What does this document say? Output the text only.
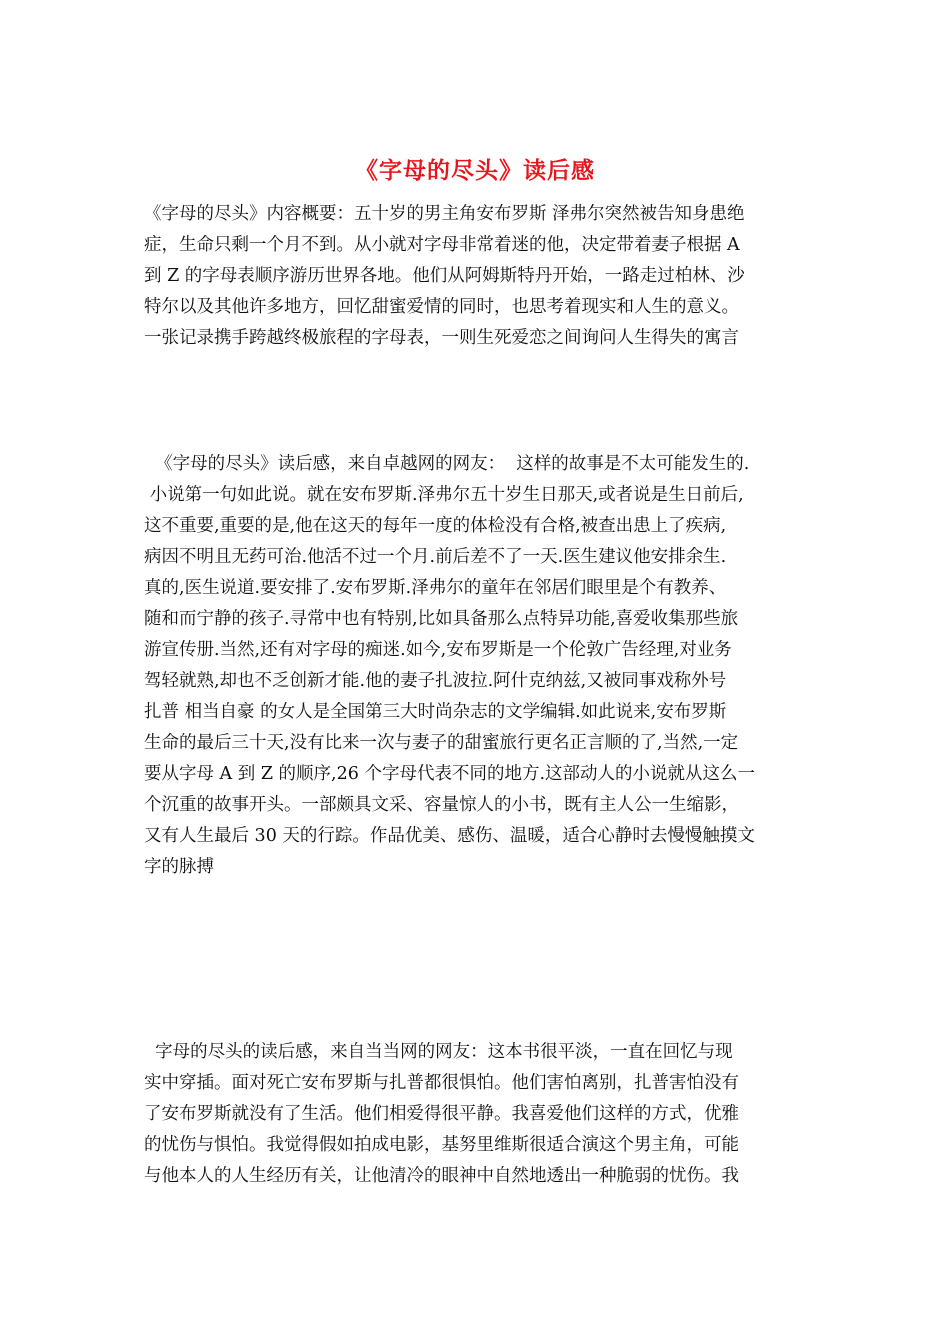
《字母的尽头》读后感
《字母的尽头》内容概要：五十岁的男主角安布罗斯 泽弗尔突然被告知身患绝
症，生命只剩一个月不到。从小就对字母非常着迷的他，决定带着妻子根据 A
到 Z 的字母表顺序游历世界各地。他们从阿姆斯特丹开始，一路走过柏林、沙
特尔以及其他许多地方，回忆甜蜜爱情的同时，也思考着现实和人生的意义。
一张记录携手跨越终极旅程的字母表，一则生死爱恋之间询问人生得失的寓言
《字母的尽头》读后感，来自卓越网的网友：  这样的故事是不太可能发生的.
小说第一句如此说。就在安布罗斯.泽弗尔五十岁生日那天,或者说是生日前后,
这不重要,重要的是,他在这天的每年一度的体检没有合格,被查出患上了疾病,
病因不明且无药可治.他活不过一个月.前后差不了一天.医生建议他安排余生.
真的,医生说道.要安排了.安布罗斯.泽弗尔的童年在邻居们眼里是个有教养、
随和而宁静的孩子.寻常中也有特别,比如具备那么点特异功能,喜爱收集那些旅
游宣传册.当然,还有对字母的痴迷.如今,安布罗斯是一个伦敦广告经理,对业务
驾轻就熟,却也不乏创新才能.他的妻子扎波拉.阿什克纳兹,又被同事戏称外号
扎普 相当自豪 的女人是全国第三大时尚杂志的文学编辑.如此说来,安布罗斯
生命的最后三十天,没有比来一次与妻子的甜蜜旅行更名正言顺的了,当然,一定
要从字母 A 到 Z 的顺序,26 个字母代表不同的地方.这部动人的小说就从这么一
个沉重的故事开头。一部颇具文采、容量惊人的小书，既有主人公一生缩影，
又有人生最后 30 天的行踪。作品优美、感伤、温暖，适合心静时去慢慢触摸文
字的脉搏
字母的尽头的读后感，来自当当网的网友：这本书很平淡，一直在回忆与现
实中穿插。面对死亡安布罗斯与扎普都很惧怕。他们害怕离别，扎普害怕没有
了安布罗斯就没有了生活。他们相爱得很平静。我喜爱他们这样的方式，优雅
的忧伤与惧怕。我觉得假如拍成电影，基努里维斯很适合演这个男主角，可能
与他本人的人生经历有关，让他清冷的眼神中自然地透出一种脆弱的忧伤。我
